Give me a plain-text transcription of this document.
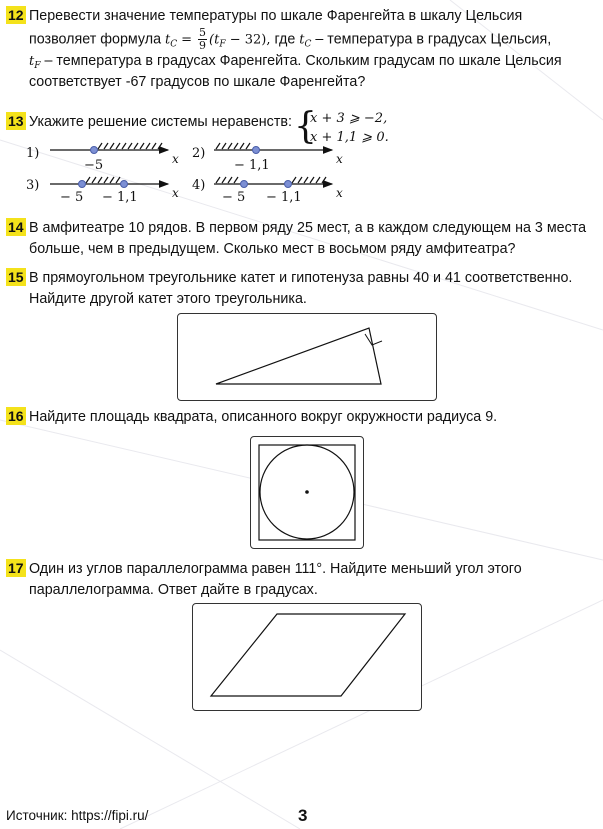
12 Перевести значение температуры по шкале Фаренгейта в шкалу Цельсия
позволяет формула $t_C = \frac{5}{9} (t_F - 32)$, где $t_C$ – температура в градусах Цельсия,
$t_F$ – температура в градусах Фаренгейта. Скольким градусам по шкале Цельсия
соответствует -67 градусов по шкале Фаренгейта?
13 Укажите решение системы неравенств: {
x + 3 ⩾ −2,
x + 1,1 ⩾ 0.
1)
−5	x 2)
− 1,1	x
3)
− 5 − 1,1	x 4)
− 5 − 1,1	x
14 В амфитеатре 10 рядов. В первом ряду 25 мест, а в каждом следующем на 3 места
больше, чем в предыдущем. Сколько мест в восьмом ряду амфитеатра?
15 В прямоугольном треугольнике катет и гипотенуза равны 40 и 41 соответственно.
Найдите другой катет этого треугольника.
16 Найдите площадь квадрата, описанного вокруг окружности радиуса 9.
17 Один из углов параллелограмма равен 111°. Найдите меньший угол этого
параллелограмма. Ответ дайте в градусах.
Источник: https://fipi.ru/	3
